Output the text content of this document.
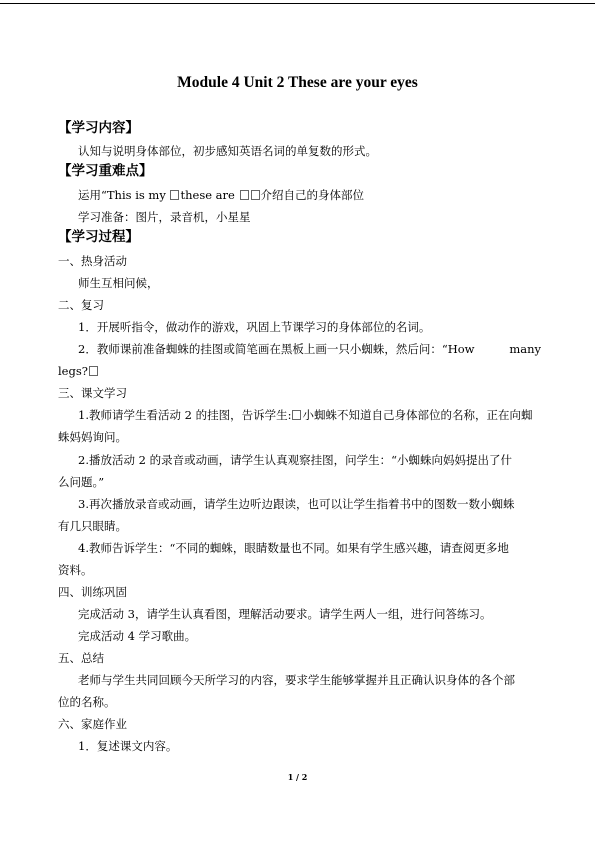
Module 4 Unit 2 These are your eyes
【学习内容】
认知与说明身体部位，初步感知英语名词的单复数的形式。
【学习重难点】
运用“This is my these are 介绍自己的身体部位
学习准备：图片，录音机，小星星
【学习过程】
一、热身活动
师生互相问候，
二、复习
1．开展听指令，做动作的游戏，巩固上节课学习的身体部位的名词。
2．教师课前准备蜘蛛的挂图或简笔画在黑板上画一只小蜘蛛，然后问：“How	many
legs?
三、课文学习
1.教师请学生看活动 2 的挂图，告诉学生: 小蜘蛛不知道自己身体部位的名称，正在向蜘
蛛妈妈询问。
2.播放活动 2 的录音或动画，请学生认真观察挂图，问学生：“小蜘蛛向妈妈提出了什
么问题。”
3.再次播放录音或动画，请学生边听边跟读，也可以让学生指着书中的图数一数小蜘蛛
有几只眼睛。
4.教师告诉学生：“不同的蜘蛛，眼睛数量也不同。如果有学生感兴趣，请查阅更多地
资料。
四、训练巩固
完成活动 3，请学生认真看图，理解活动要求。请学生两人一组，进行问答练习。
完成活动 4 学习歌曲。
五、总结
老师与学生共同回顾今天所学习的内容，要求学生能够掌握并且正确认识身体的各个部
位的名称。
六、家庭作业
1．复述课文内容。
1 / 2
